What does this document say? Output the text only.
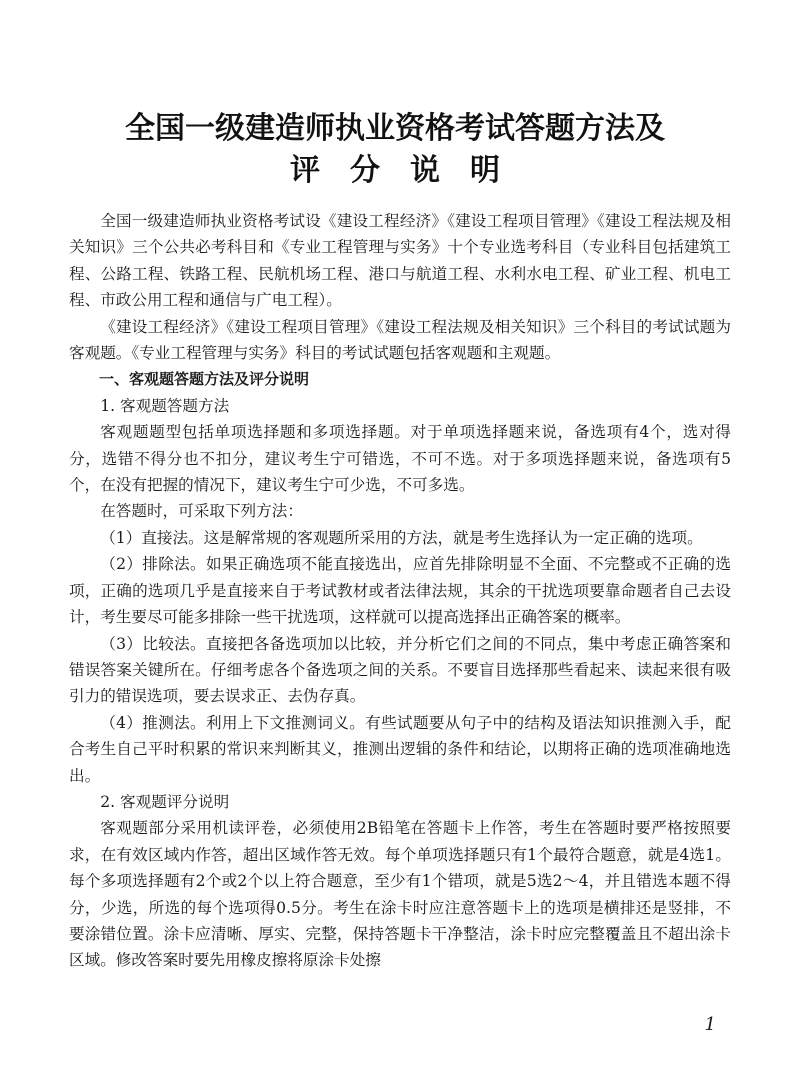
全国一级建造师执业资格考试答题方法及
评分说明

全国一级建造师执业资格考试设《建设工程经济》《建设工程项目管理》《建设工程法规及相关知识》三个公共必考科目和《专业工程管理与实务》十个专业选考科目（专业科目包括建筑工程、公路工程、铁路工程、民航机场工程、港口与航道工程、水利水电工程、矿业工程、机电工程、市政公用工程和通信与广电工程）。

《建设工程经济》《建设工程项目管理》《建设工程法规及相关知识》三个科目的考试试题为客观题。《专业工程管理与实务》科目的考试试题包括客观题和主观题。

一、客观题答题方法及评分说明

1. 客观题答题方法

客观题题型包括单项选择题和多项选择题。对于单项选择题来说，备选项有4个，选对得分，选错不得分也不扣分，建议考生宁可错选，不可不选。对于多项选择题来说，备选项有5个，在没有把握的情况下，建议考生宁可少选，不可多选。

在答题时，可采取下列方法：

（1）直接法。这是解常规的客观题所采用的方法，就是考生选择认为一定正确的选项。

（2）排除法。如果正确选项不能直接选出，应首先排除明显不全面、不完整或不正确的选项，正确的选项几乎是直接来自于考试教材或者法律法规，其余的干扰选项要靠命题者自己去设计，考生要尽可能多排除一些干扰选项，这样就可以提高选择出正确答案的概率。

（3）比较法。直接把各备选项加以比较，并分析它们之间的不同点，集中考虑正确答案和错误答案关键所在。仔细考虑各个备选项之间的关系。不要盲目选择那些看起来、读起来很有吸引力的错误选项，要去误求正、去伪存真。

（4）推测法。利用上下文推测词义。有些试题要从句子中的结构及语法知识推测入手，配合考生自己平时积累的常识来判断其义，推测出逻辑的条件和结论，以期将正确的选项准确地选出。

2. 客观题评分说明

客观题部分采用机读评卷，必须使用2B铅笔在答题卡上作答，考生在答题时要严格按照要求，在有效区域内作答，超出区域作答无效。每个单项选择题只有1个最符合题意，就是4选1。每个多项选择题有2个或2个以上符合题意，至少有1个错项，就是5选2～4，并且错选本题不得分，少选，所选的每个选项得0.5分。考生在涂卡时应注意答题卡上的选项是横排还是竖排，不要涂错位置。涂卡应清晰、厚实、完整，保持答题卡干净整洁，涂卡时应完整覆盖且不超出涂卡区域。修改答案时要先用橡皮擦将原涂卡处擦

1
